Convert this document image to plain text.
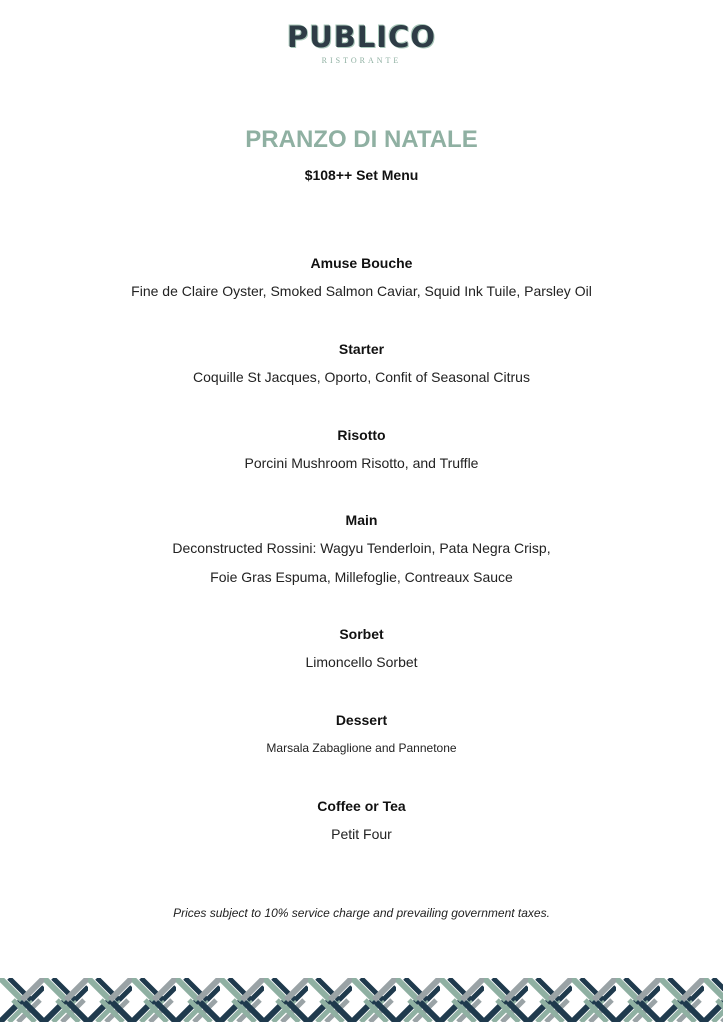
PUBLICO
RISTORANTE
PRANZO DI NATALE
$108++ Set Menu
Amuse Bouche
Fine de Claire Oyster, Smoked Salmon Caviar, Squid Ink Tuile, Parsley Oil
Starter
Coquille St Jacques, Oporto, Confit of Seasonal Citrus
Risotto
Porcini Mushroom Risotto, and Truffle
Main
Deconstructed Rossini: Wagyu Tenderloin, Pata Negra Crisp,
Foie Gras Espuma, Millefoglie, Contreaux Sauce
Sorbet
Limoncello Sorbet
Dessert
Marsala Zabaglione and Pannetone
Coffee or Tea
Petit Four
Prices subject to 10% service charge and prevailing government taxes.
